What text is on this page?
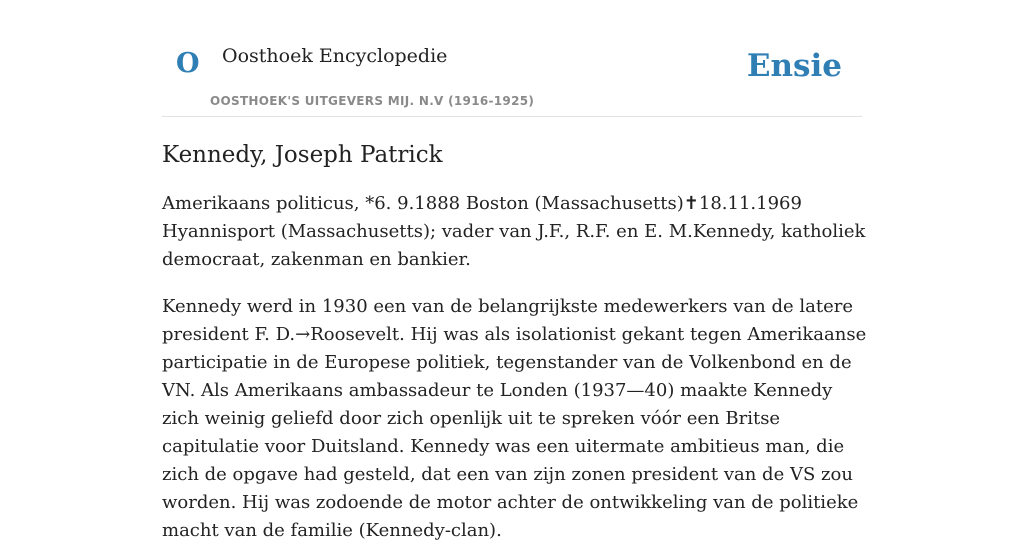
O Oosthoek Encyclopedie
OOSTHOEK'S UITGEVERS MIJ. N.V (1916-1925)
Ensie
Kennedy, Joseph Patrick

Amerikaans politicus, *6. 9.1888 Boston (Massachusetts)✝18.11.1969 Hyannisport (Massachusetts); vader van J.F., R.F. en E. M.Kennedy, katholiek democraat, zakenman en bankier.

Kennedy werd in 1930 een van de belangrijkste medewerkers van de latere president F. D.→Roosevelt. Hij was als isolationist gekant tegen Amerikaanse participatie in de Europese politiek, tegenstander van de Volkenbond en de VN. Als Amerikaans ambassadeur te Londen (1937—40) maakte Kennedy zich weinig geliefd door zich openlijk uit te spreken vóór een Britse capitulatie voor Duitsland. Kennedy was een uitermate ambitieus man, die zich de opgave had gesteld, dat een van zijn zonen president van de VS zou worden. Hij was zodoende de motor achter de ontwikkeling van de politieke macht van de familie (Kennedy-clan).
